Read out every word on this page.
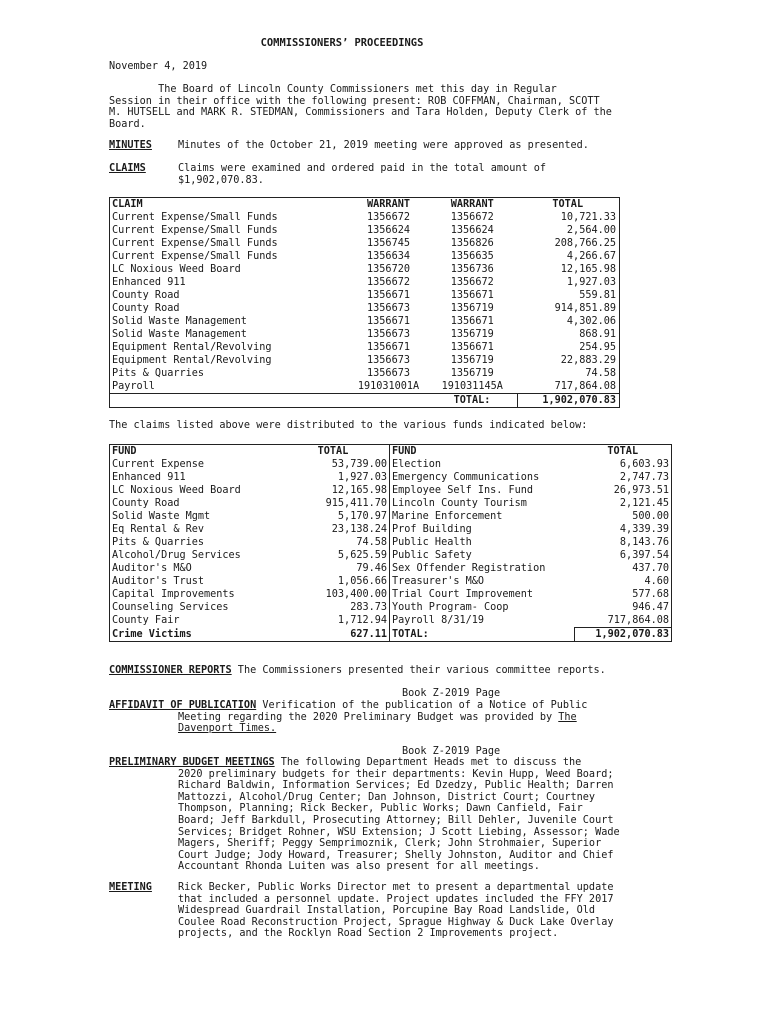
COMMISSIONERS’ PROCEEDINGS
November 4, 2019
The Board of Lincoln County Commissioners met this day in Regular
Session in their office with the following present: ROB COFFMAN, Chairman, SCOTT
M. HUTSELL and MARK R. STEDMAN, Commissioners and Tara Holden, Deputy Clerk of the
Board.
MINUTES	Minutes of the October 21, 2019 meeting were approved as presented.
CLAIMS	Claims were examined and ordered paid in the total amount of
$1,902,070.83.
CLAIM	WARRANT	WARRANT	TOTAL
Current Expense/Small Funds	1356672	1356672	10,721.33
Current Expense/Small Funds	1356624	1356624	2,564.00
Current Expense/Small Funds	1356745	1356826	208,766.25
Current Expense/Small Funds	1356634	1356635	4,266.67
LC Noxious Weed Board	1356720	1356736	12,165.98
Enhanced 911	1356672	1356672	1,927.03
County Road	1356671	1356671	559.81
County Road	1356673	1356719	914,851.89
Solid Waste Management	1356671	1356671	4,302.06
Solid Waste Management	1356673	1356719	868.91
Equipment Rental/Revolving	1356671	1356671	254.95
Equipment Rental/Revolving	1356673	1356719	22,883.29
Pits & Quarries	1356673	1356719	74.58
Payroll	191031001A	191031145A	717,864.08
		TOTAL:	1,902,070.83
The claims listed above were distributed to the various funds indicated below:
FUND	TOTAL	FUND	TOTAL
Current Expense	53,739.00	Election	6,603.93
Enhanced 911	1,927.03	Emergency Communications	2,747.73
LC Noxious Weed Board	12,165.98	Employee Self Ins. Fund	26,973.51
County Road	915,411.70	Lincoln County Tourism	2,121.45
Solid Waste Mgmt	5,170.97	Marine Enforcement	500.00
Eq Rental & Rev	23,138.24	Prof Building	4,339.39
Pits & Quarries	74.58	Public Health	8,143.76
Alcohol/Drug Services	5,625.59	Public Safety	6,397.54
Auditor's M&O	79.46	Sex Offender Registration	437.70
Auditor's Trust	1,056.66	Treasurer's M&O	4.60
Capital Improvements	103,400.00	Trial Court Improvement	577.68
Counseling Services	283.73	Youth Program- Coop	946.47
County Fair	1,712.94	Payroll 8/31/19	717,864.08
Crime Victims	627.11	TOTAL:	1,902,070.83
COMMISSIONER REPORTS The Commissioners presented their various committee reports.
Book Z-2019 Page
AFFIDAVIT OF PUBLICATION Verification of the publication of a Notice of Public
Meeting regarding the 2020 Preliminary Budget was provided by The
Davenport Times.
Book Z-2019 Page
PRELIMINARY BUDGET MEETINGS The following Department Heads met to discuss the
2020 preliminary budgets for their departments: Kevin Hupp, Weed Board;
Richard Baldwin, Information Services; Ed Dzedzy, Public Health; Darren
Mattozzi, Alcohol/Drug Center; Dan Johnson, District Court; Courtney
Thompson, Planning; Rick Becker, Public Works; Dawn Canfield, Fair
Board; Jeff Barkdull, Prosecuting Attorney; Bill Dehler, Juvenile Court
Services; Bridget Rohner, WSU Extension; J Scott Liebing, Assessor; Wade
Magers, Sheriff; Peggy Semprimoznik, Clerk; John Strohmaier, Superior
Court Judge; Jody Howard, Treasurer; Shelly Johnston, Auditor and Chief
Accountant Rhonda Luiten was also present for all meetings.
MEETING	Rick Becker, Public Works Director met to present a departmental update
that included a personnel update. Project updates included the FFY 2017
Widespread Guardrail Installation, Porcupine Bay Road Landslide, Old
Coulee Road Reconstruction Project, Sprague Highway & Duck Lake Overlay
projects, and the Rocklyn Road Section 2 Improvements project.
